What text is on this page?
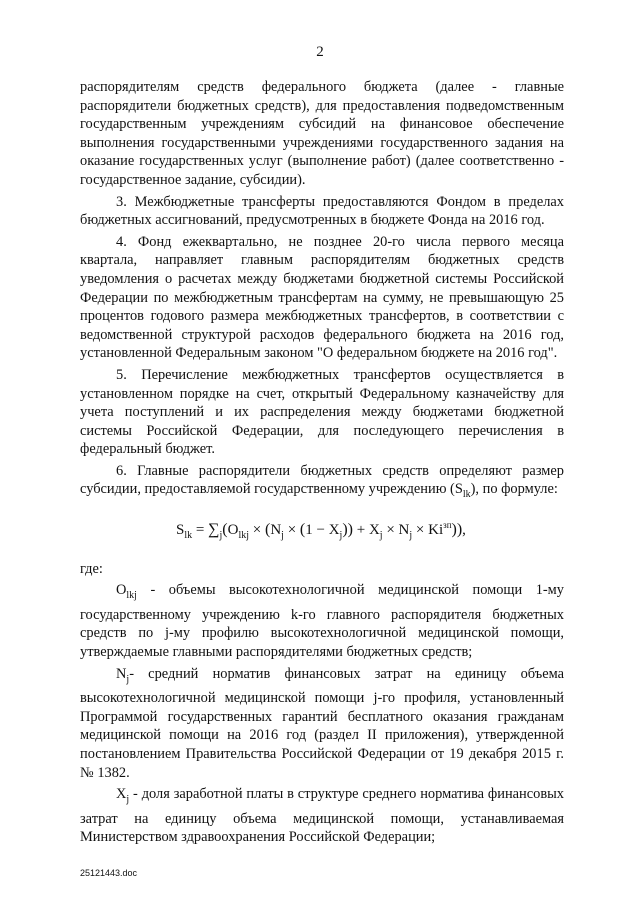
2

распорядителям средств федерального бюджета (далее - главные распорядители бюджетных средств), для предоставления подведомственным государственным учреждениям субсидий на финансовое обеспечение выполнения государственными учреждениями государственного задания на оказание государственных услуг (выполнение работ) (далее соответственно - государственное задание, субсидии).

3. Межбюджетные трансферты предоставляются Фондом в пределах бюджетных ассигнований, предусмотренных в бюджете Фонда на 2016 год.

4. Фонд ежеквартально, не позднее 20-го числа первого месяца квартала, направляет главным распорядителям бюджетных средств уведомления о расчетах между бюджетами бюджетной системы Российской Федерации по межбюджетным трансфертам на сумму, не превышающую 25 процентов годового размера межбюджетных трансфертов, в соответствии с ведомственной структурой расходов федерального бюджета на 2016 год, установленной Федеральным законом "О федеральном бюджете на 2016 год".

5. Перечисление межбюджетных трансфертов осуществляется в установленном порядке на счет, открытый Федеральному казначейству для учета поступлений и их распределения между бюджетами бюджетной системы Российской Федерации, для последующего перечисления в федеральный бюджет.

6. Главные распорядители бюджетных средств определяют размер субсидии, предоставляемой государственному учреждению $(S_{lk})$, по формуле:

$S_{lk} = \sum_j(O_{lkj} \times (N_j \times (1 - X_j)) + X_j \times N_j \times Ki^{зп})$),

где:

$O_{lkj}$ - объемы высокотехнологичной медицинской помощи 1-му государственному учреждению k-го главного распорядителя бюджетных средств по j-му профилю высокотехнологичной медицинской помощи, утверждаемые главными распорядителями бюджетных средств;

$N_j-$ средний норматив финансовых затрат на единицу объема высокотехнологичной медицинской помощи j-го профиля, установленный Программой государственных гарантий бесплатного оказания гражданам медицинской помощи на 2016 год (раздел II приложения), утвержденной постановлением Правительства Российской Федерации от 19 декабря 2015 г. № 1382.

$X_j$ - доля заработной платы в структуре среднего норматива финансовых затрат на единицу объема медицинской помощи, устанавливаемая Министерством здравоохранения Российской Федерации;

25121443.doc
